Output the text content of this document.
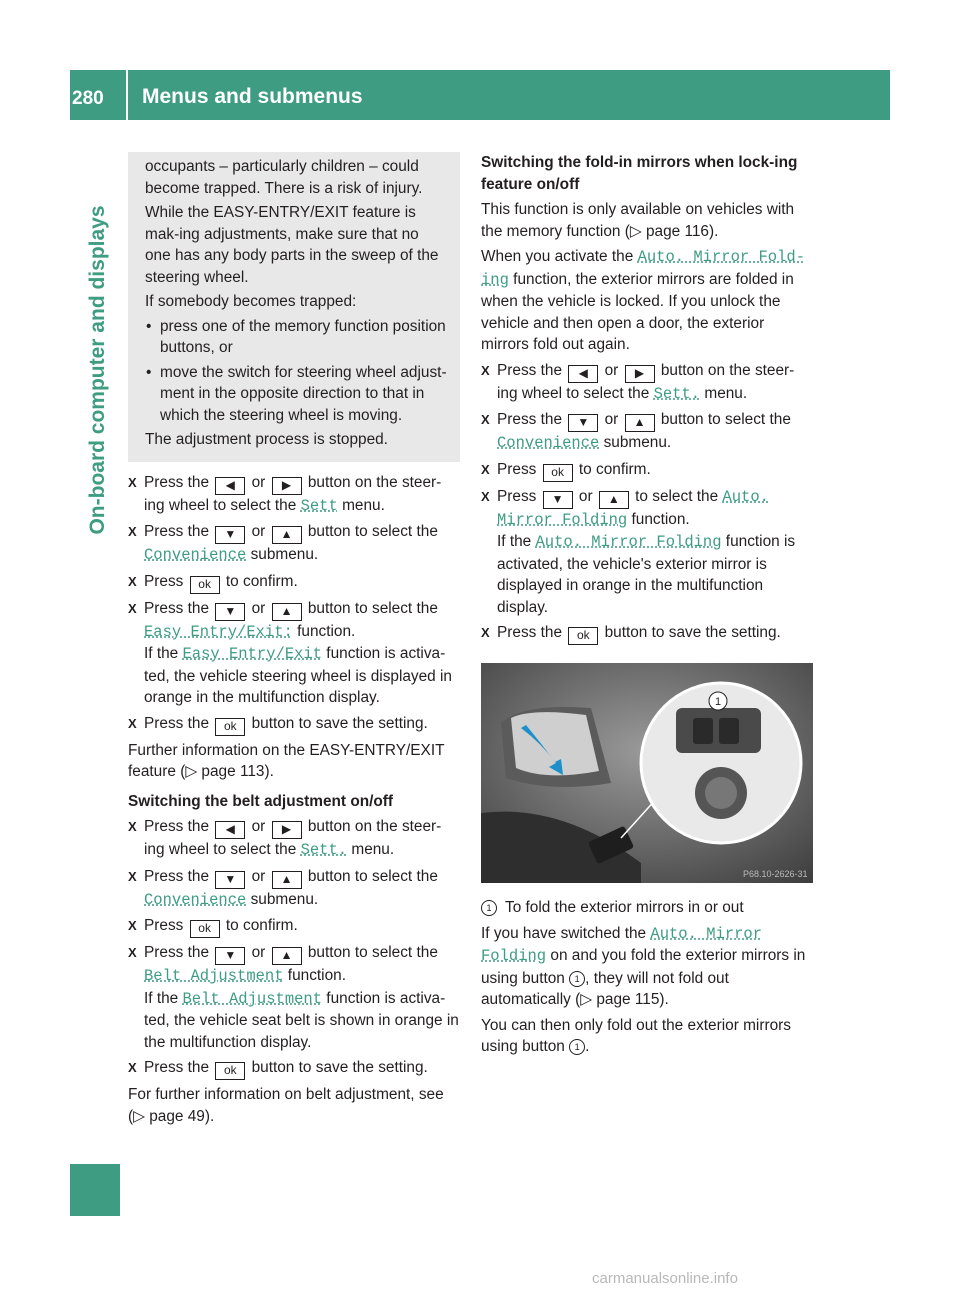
280	Menus and submenus
On-board computer and displays

occupants – particularly children – could become trapped. There is a risk of injury.

While the EASY-ENTRY/EXIT feature is mak-ing adjustments, make sure that no one has any body parts in the sweep of the steering wheel.

If somebody becomes trapped:

• press one of the memory function position buttons, or
• move the switch for steering wheel adjust-ment in the opposite direction to that in which the steering wheel is moving.

The adjustment process is stopped.

X Press the ◀ or ▶ button on the steer-ing wheel to select the Sett menu.
X Press the ▼ or ▲ button to select the Convenience submenu.
X Press ok to confirm.
X Press the ▼ or ▲ button to select the Easy Entry/Exit: function.
If the Easy Entry/Exit function is activa-ted, the vehicle steering wheel is displayed in orange in the multifunction display.
X Press the ok button to save the setting.

Further information on the EASY-ENTRY/EXIT feature (▷ page 113).

Switching the belt adjustment on/off
X Press the ◀ or ▶ button on the steer-ing wheel to select the Sett. menu.
X Press the ▼ or ▲ button to select the Convenience submenu.
X Press ok to confirm.
X Press the ▼ or ▲ button to select the Belt Adjustment function.
If the Belt Adjustment function is activa-ted, the vehicle seat belt is shown in orange in the multifunction display.
X Press the ok button to save the setting.

For further information on belt adjustment, see (▷ page 49).

Switching the fold-in mirrors when lock-ing feature on/off

This function is only available on vehicles with the memory function (▷ page 116).

When you activate the Auto. Mirror Fold-ing function, the exterior mirrors are folded in when the vehicle is locked. If you unlock the vehicle and then open a door, the exterior mirrors fold out again.

X Press the ◀ or ▶ button on the steer-ing wheel to select the Sett. menu.
X Press the ▼ or ▲ button to select the Convenience submenu.
X Press ok to confirm.
X Press ▼ or ▲ to select the Auto. Mirror Folding function.
If the Auto. Mirror Folding function is activated, the vehicle's exterior mirror is displayed in orange in the multifunction display.
X Press the ok button to save the setting.
1
P68.10-2626-31
1 To fold the exterior mirrors in or out

If you have switched the Auto. Mirror Folding on and you fold the exterior mirrors in using button 1 , they will not fold out automatically (▷ page 115).

You can then only fold out the exterior mirrors using button 1 .

carmanualsonline.info
